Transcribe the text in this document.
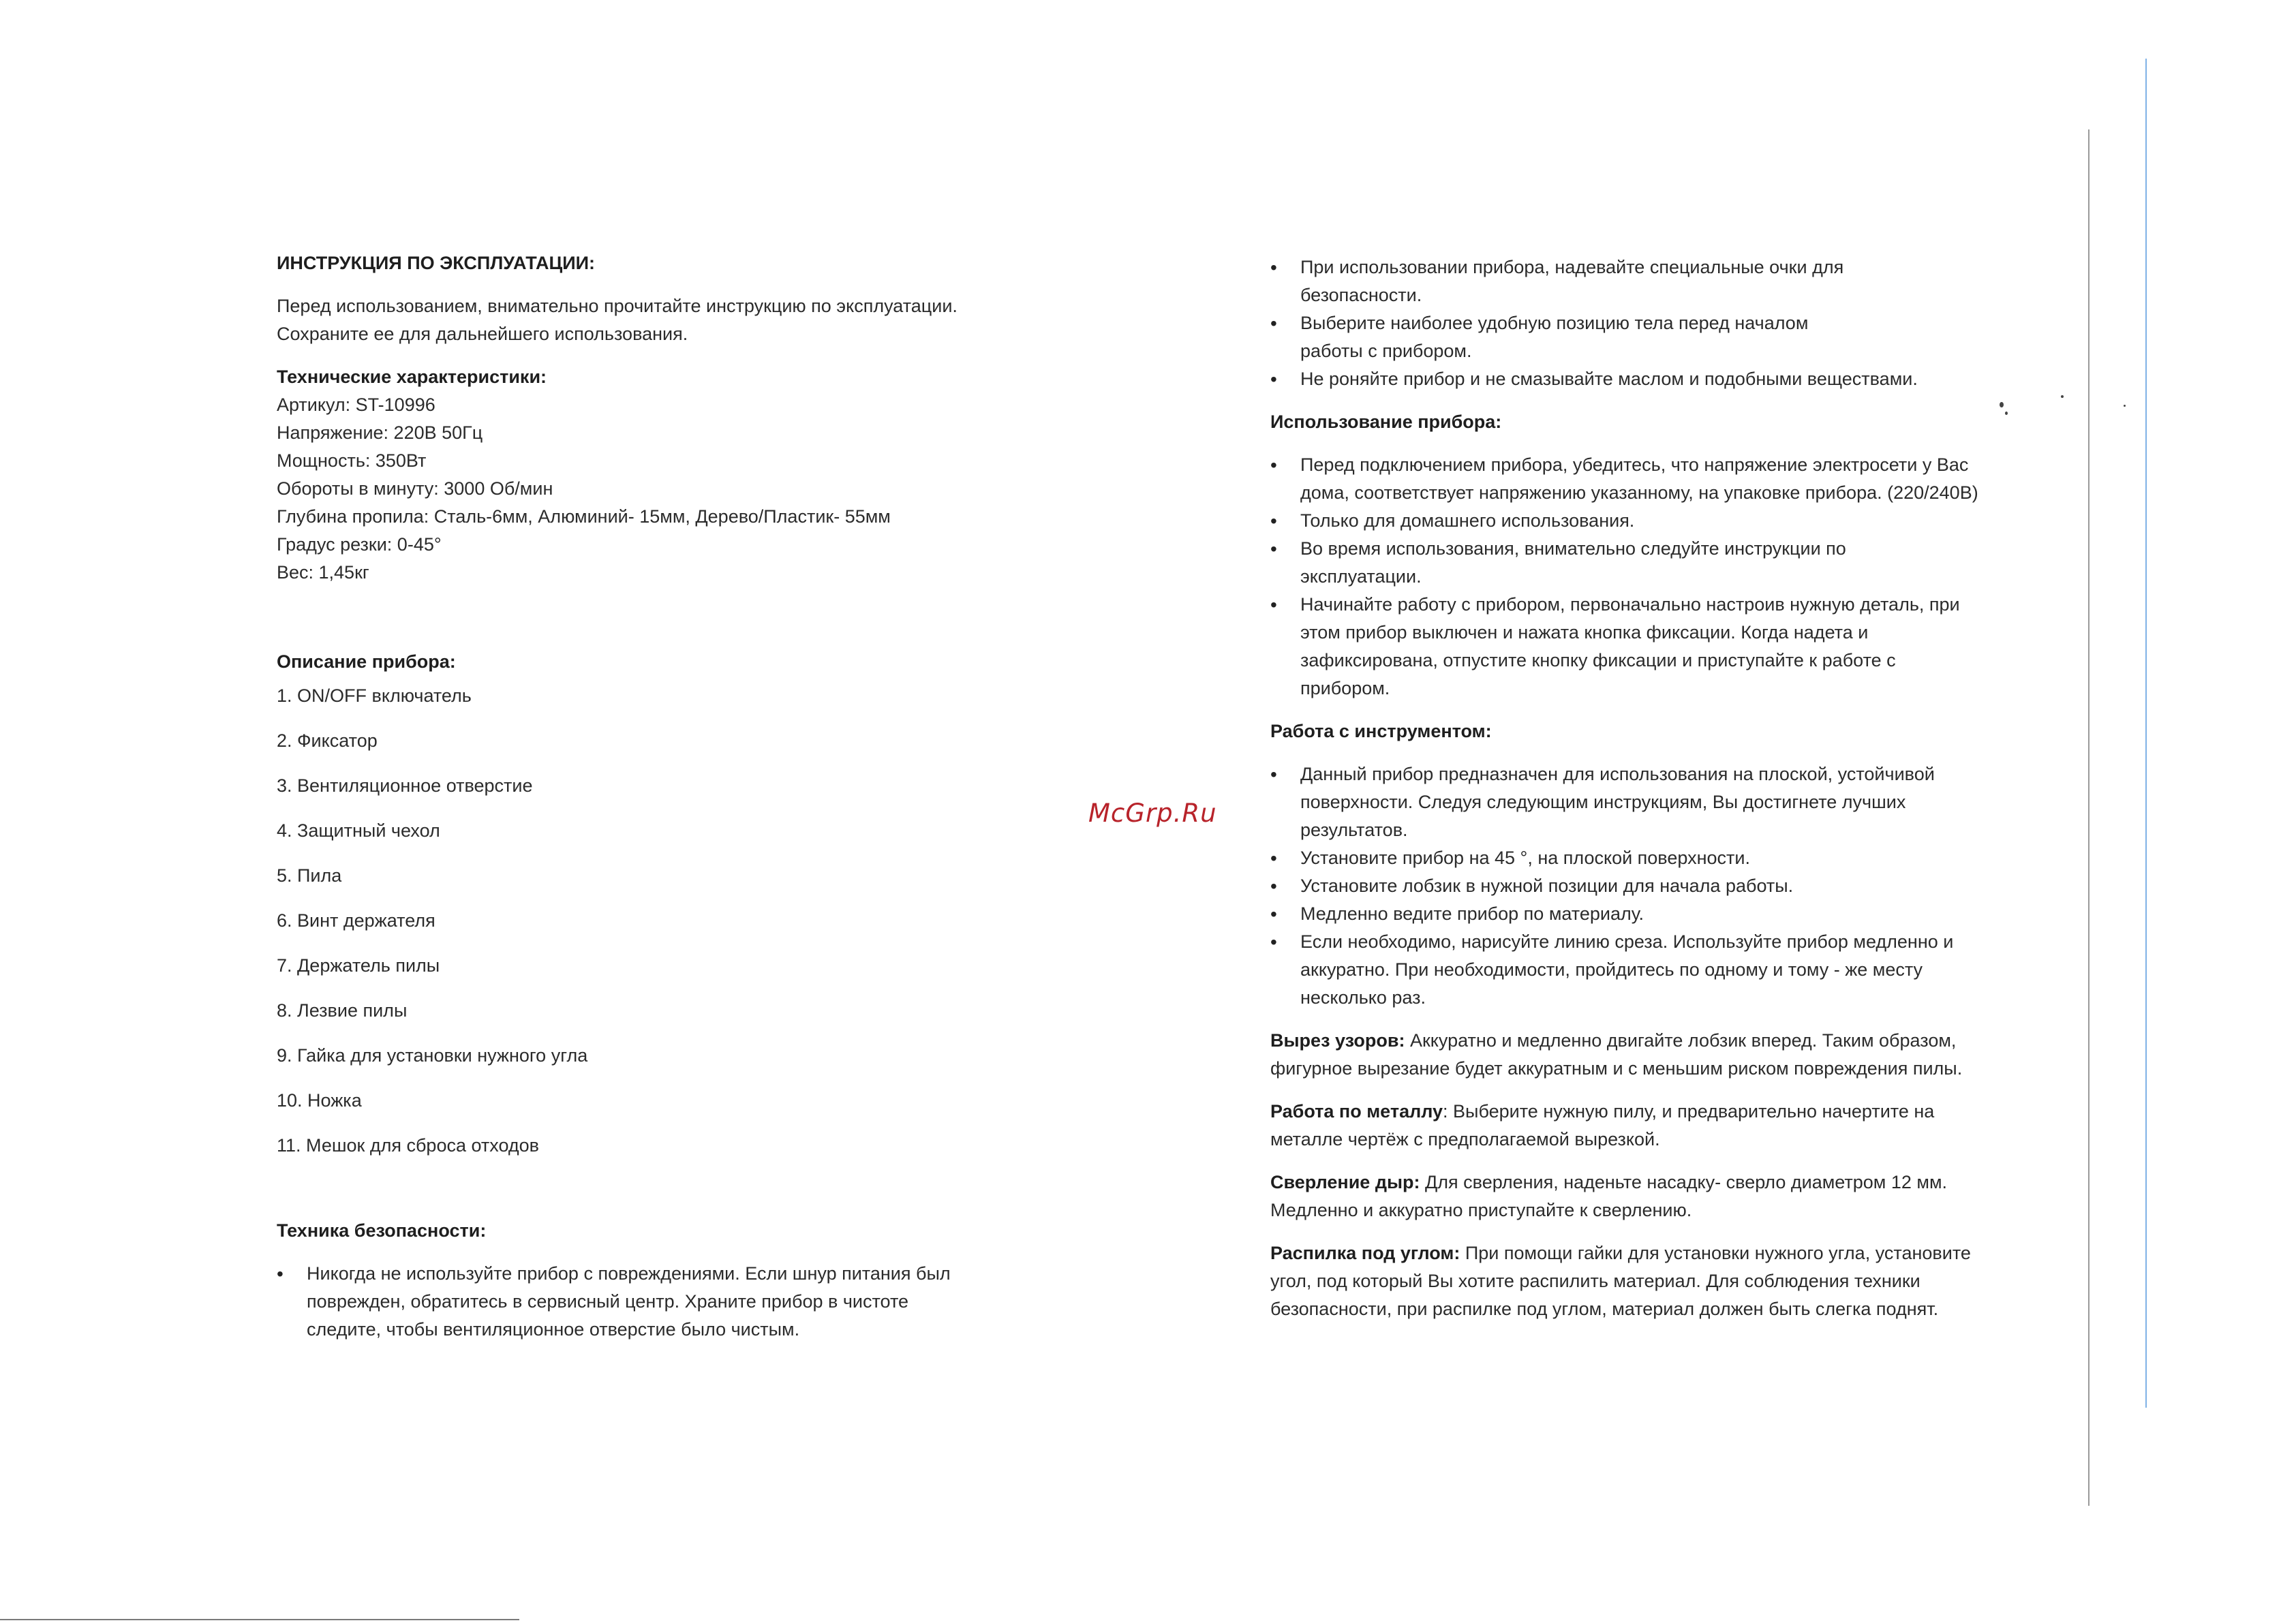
ИНСТРУКЦИЯ ПО ЭКСПЛУАТАЦИИ:
Перед использованием, внимательно прочитайте инструкцию по эксплуатации.
Сохраните ее для дальнейшего использования.
Технические характеристики:
Артикул: ST-10996
Напряжение: 220В 50Гц
Мощность: 350Вт
Обороты в минуту: 3000 Об/мин
Глубина пропила: Сталь-6мм, Алюминий- 15мм, Дерево/Пластик- 55мм
Градус резки: 0-45°
Вес: 1,45кг
Описание прибора:
1. ON/OFF включатель
2. Фиксатор
3. Вентиляционное отверстие
4. Защитный чехол
5. Пила
6. Винт держателя
7. Держатель пилы
8. Лезвие пилы
9. Гайка для установки нужного угла
10. Ножка
11. Мешок для сброса отходов
Техника безопасности:
• Никогда не используйте прибор с повреждениями. Если шнур питания был поврежден, обратитесь в сервисный центр. Храните прибор в чистоте следите, чтобы вентиляционное отверстие было чистым.
• При использовании прибора, надевайте специальные очки для безопасности.
• Выберите наиболее удобную позицию тела перед началом работы с прибором.
• Не роняйте прибор и не смазывайте маслом и подобными веществами.
Использование прибора:
• Перед подключением прибора, убедитесь, что напряжение электросети у Вас дома, соответствует напряжению указанному, на упаковке прибора. (220/240В)
• Только для домашнего использования.
• Во время использования, внимательно следуйте инструкции по эксплуатации.
• Начинайте работу с прибором, первоначально настроив нужную деталь, при этом прибор выключен и нажата кнопка фиксации. Когда надета и зафиксирована, отпустите кнопку фиксации и приступайте к работе с прибором.
Работа с инструментом:
• Данный прибор предназначен для использования на плоской, устойчивой поверхности. Следуя следующим инструкциям, Вы достигнете лучших результатов.
• Установите прибор на 45 °, на плоской поверхности.
• Установите лобзик в нужной позиции для начала работы.
• Медленно ведите прибор по материалу.
• Если необходимо, нарисуйте линию среза. Используйте прибор медленно и аккуратно. При необходимости, пройдитесь по одному и тому - же месту несколько раз.
Вырез узоров: Аккуратно и медленно двигайте лобзик вперед. Таким образом, фигурное вырезание будет аккуратным и с меньшим риском повреждения пилы.
Работа по металлу: Выберите нужную пилу, и предварительно начертите на металле чертёж с предполагаемой вырезкой.
Сверление дыр: Для сверления, наденьте насадку- сверло диаметром 12 мм. Медленно и аккуратно приступайте к сверлению.
Распилка под углом: При помощи гайки для установки нужного угла, установите угол, под который Вы хотите распилить материал. Для соблюдения техники безопасности, при распилке под углом, материал должен быть слегка поднят.
McGrp.Ru
